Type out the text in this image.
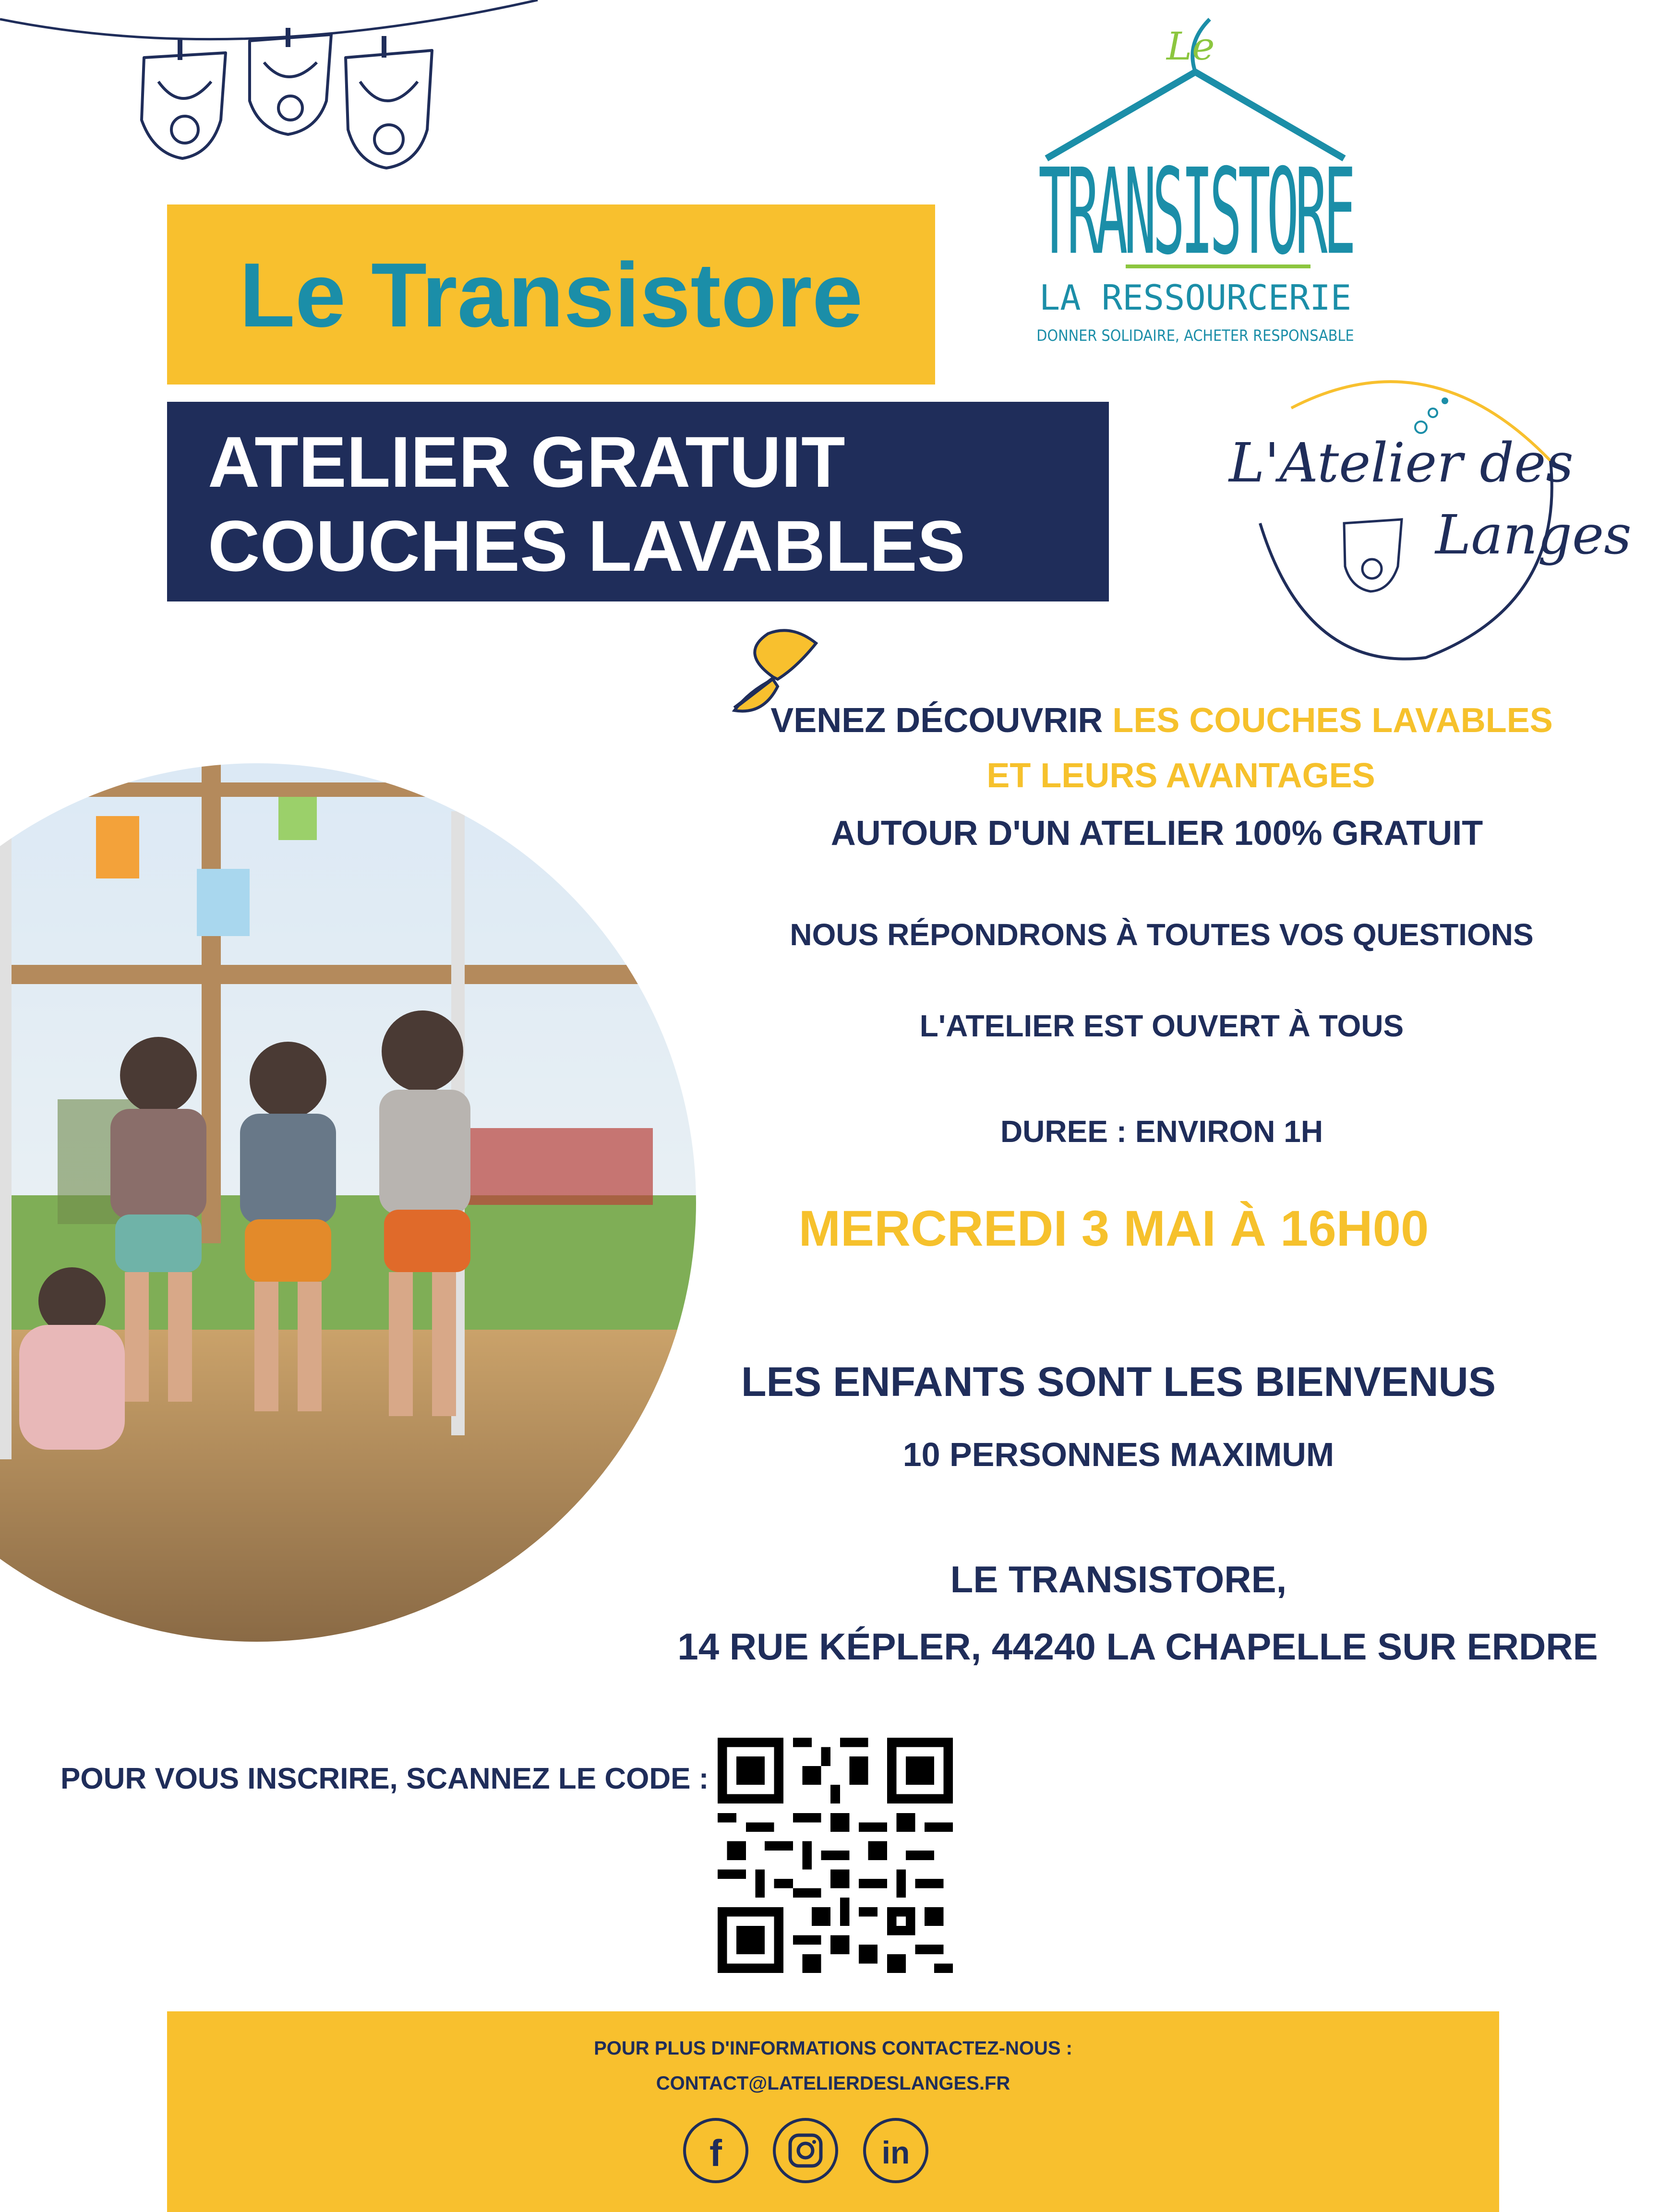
Le Transistore
ATELIER GRATUIT
COUCHES LAVABLES
Le
TRANSISTORE
LA RESSOURCERIE
DONNER SOLIDAIRE, ACHETER RESPONSABLE
L'Atelier des
Langes
VENEZ DÉCOUVRIR LES COUCHES LAVABLES
ET LEURS AVANTAGES
AUTOUR D'UN ATELIER 100% GRATUIT
NOUS RÉPONDRONS À TOUTES VOS QUESTIONS
L'ATELIER EST OUVERT À TOUS
DUREE : ENVIRON 1H
MERCREDI 3 MAI À 16H00
LES ENFANTS SONT LES BIENVENUS
10 PERSONNES MAXIMUM
LE TRANSISTORE,
14 RUE KÉPLER, 44240 LA CHAPELLE SUR ERDRE
POUR VOUS INSCRIRE, SCANNEZ LE CODE :
POUR PLUS D'INFORMATIONS CONTACTEZ-NOUS :
CONTACT@LATELIERDESLANGES.FR
f	in
